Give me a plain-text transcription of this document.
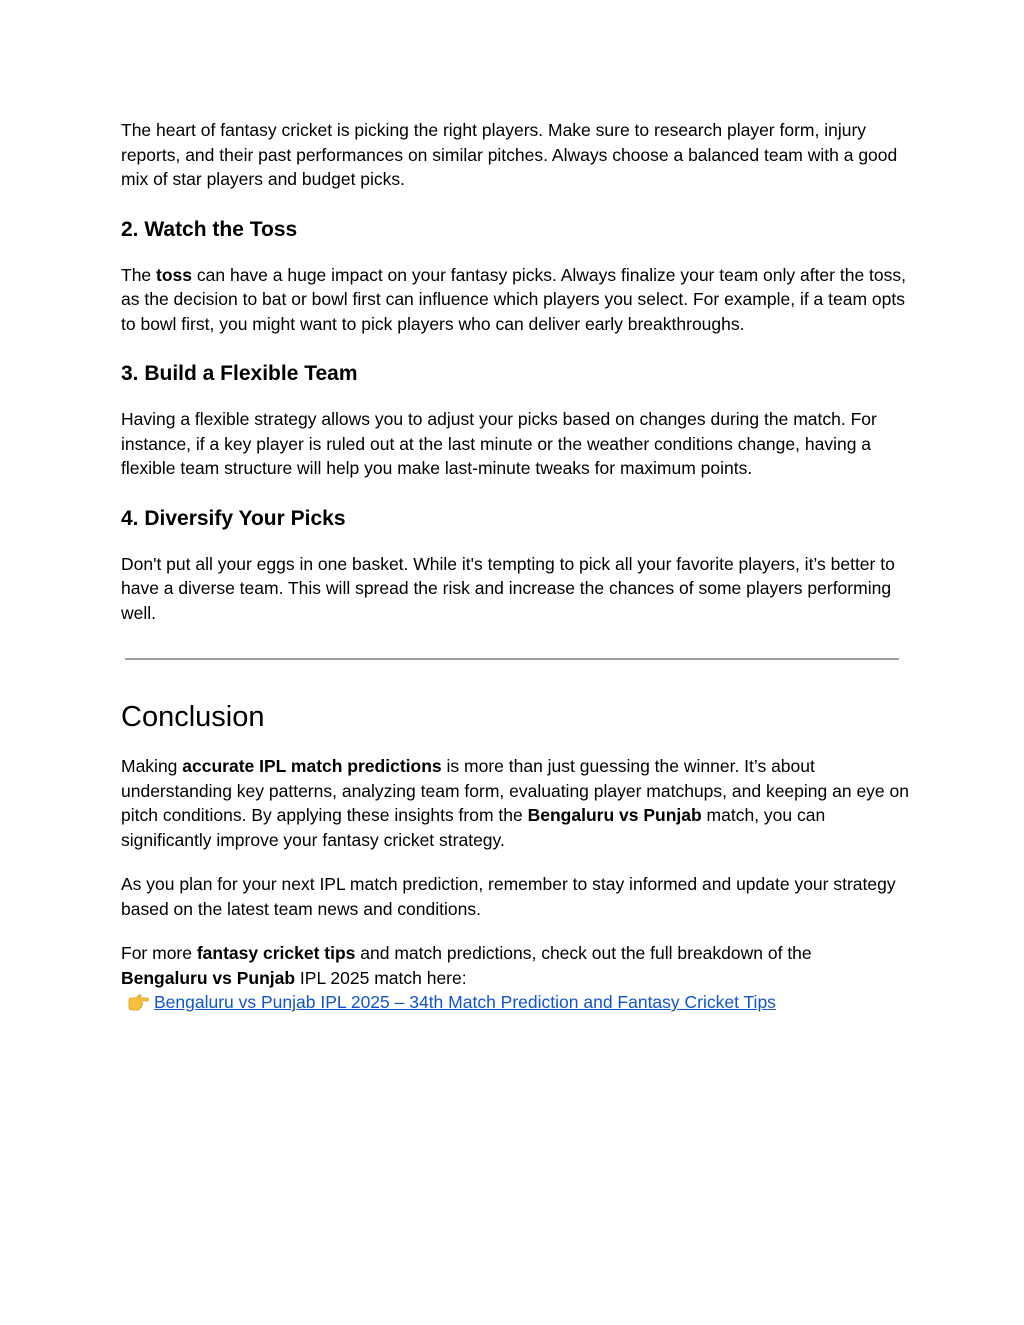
The heart of fantasy cricket is picking the right players. Make sure to research player form, injury reports, and their past performances on similar pitches. Always choose a balanced team with a good mix of star players and budget picks.

2. Watch the Toss

The toss can have a huge impact on your fantasy picks. Always finalize your team only after the toss, as the decision to bat or bowl first can influence which players you select. For example, if a team opts to bowl first, you might want to pick players who can deliver early breakthroughs.

3. Build a Flexible Team

Having a flexible strategy allows you to adjust your picks based on changes during the match. For instance, if a key player is ruled out at the last minute or the weather conditions change, having a flexible team structure will help you make last-minute tweaks for maximum points.

4. Diversify Your Picks

Don't put all your eggs in one basket. While it's tempting to pick all your favorite players, it’s better to have a diverse team. This will spread the risk and increase the chances of some players performing well.

Conclusion

Making accurate IPL match predictions is more than just guessing the winner. It’s about understanding key patterns, analyzing team form, evaluating player matchups, and keeping an eye on pitch conditions. By applying these insights from the Bengaluru vs Punjab match, you can significantly improve your fantasy cricket strategy.

As you plan for your next IPL match prediction, remember to stay informed and update your strategy based on the latest team news and conditions.

For more fantasy cricket tips and match predictions, check out the full breakdown of the
Bengaluru vs Punjab IPL 2025 match here:
Bengaluru vs Punjab IPL 2025 – 34th Match Prediction and Fantasy Cricket Tips
